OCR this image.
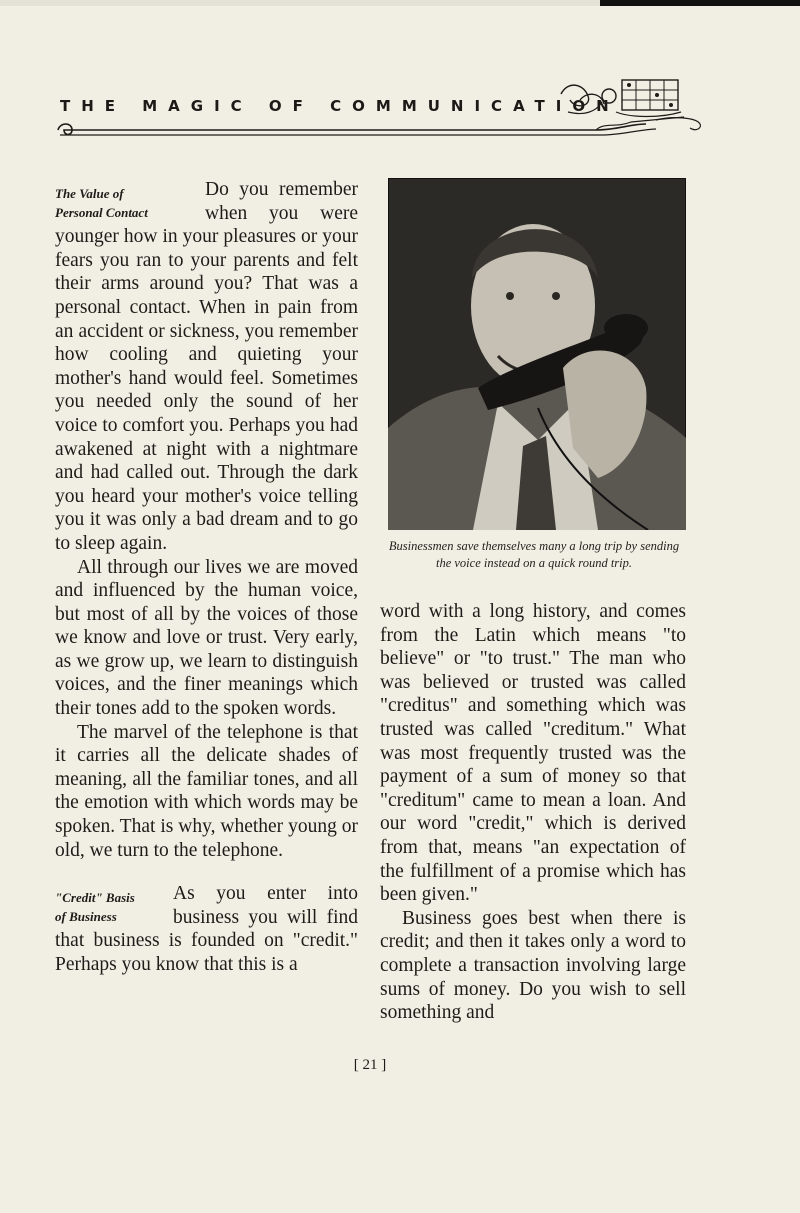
THE MAGIC OF COMMUNICATION

The Value of
Personal Contact
Do you remember when you were younger how in your pleasures or your fears you ran to your parents and felt their arms around you? That was a personal contact. When in pain from an accident or sickness, you remember how cooling and quieting your mother's hand would feel. Sometimes you needed only the sound of her voice to comfort you. Perhaps you had awakened at night with a nightmare and had called out. Through the dark you heard your mother's voice telling you it was only a bad dream and to go to sleep again.

All through our lives we are moved and influenced by the human voice, but most of all by the voices of those we know and love or trust. Very early, as we grow up, we learn to distinguish voices, and the finer meanings which their tones add to the spoken words.

The marvel of the telephone is that it carries all the delicate shades of meaning, all the familiar tones, and all the emotion with which words may be spoken. That is why, whether young or old, we turn to the telephone.

"Credit" Basis
of Business
As you enter into business you will find that business is founded on "credit." Perhaps you know that this is a

Businessmen save themselves many a long trip by sending the voice instead on a quick round trip.

word with a long history, and comes from the Latin which means "to believe" or "to trust." The man who was believed or trusted was called "creditus" and something which was trusted was called "creditum." What was most frequently trusted was the payment of a sum of money so that "creditum" came to mean a loan. And our word "credit," which is derived from that, means "an expectation of the fulfillment of a promise which has been given."

Business goes best when there is credit; and then it takes only a word to complete a transaction involving large sums of money. Do you wish to sell something and

[ 21 ]
